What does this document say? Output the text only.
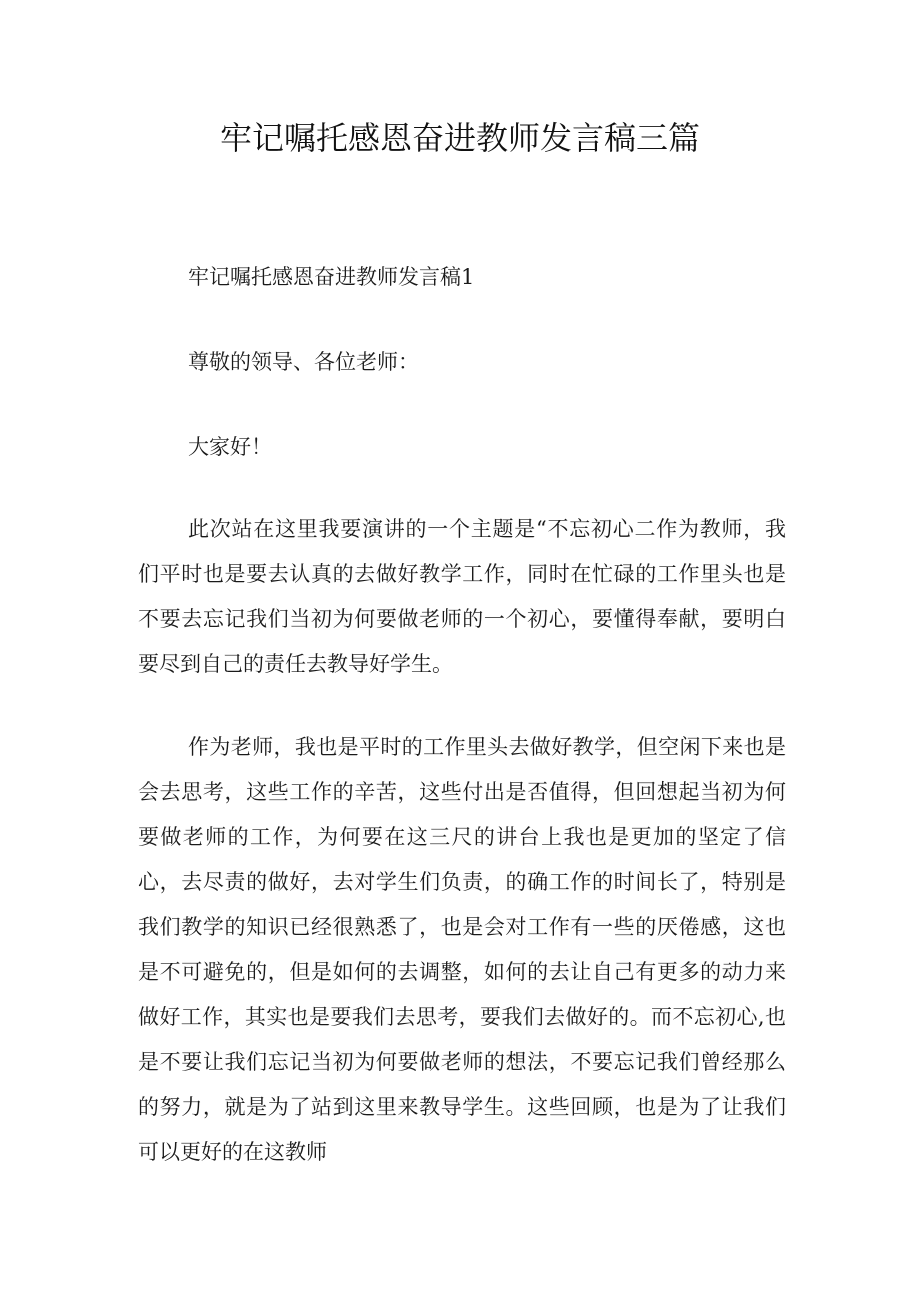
牢记嘱托感恩奋进教师发言稿三篇

牢记嘱托感恩奋进教师发言稿1

尊敬的领导、各位老师：

大家好！

此次站在这里我要演讲的一个主题是“不忘初心二作为教师，我们平时也是要去认真的去做好教学工作，同时在忙碌的工作里头也是不要去忘记我们当初为何要做老师的一个初心，要懂得奉献，要明白要尽到自己的责任去教导好学生。

作为老师，我也是平时的工作里头去做好教学，但空闲下来也是会去思考，这些工作的辛苦，这些付出是否值得，但回想起当初为何要做老师的工作，为何要在这三尺的讲台上我也是更加的坚定了信心，去尽责的做好，去对学生们负责，的确工作的时间长了，特别是我们教学的知识已经很熟悉了，也是会对工作有一些的厌倦感，这也是不可避免的，但是如何的去调整，如何的去让自己有更多的动力来做好工作，其实也是要我们去思考，要我们去做好的。而不忘初心,也是不要让我们忘记当初为何要做老师的想法，不要忘记我们曾经那么的努力，就是为了站到这里来教导学生。这些回顾，也是为了让我们可以更好的在这教师
